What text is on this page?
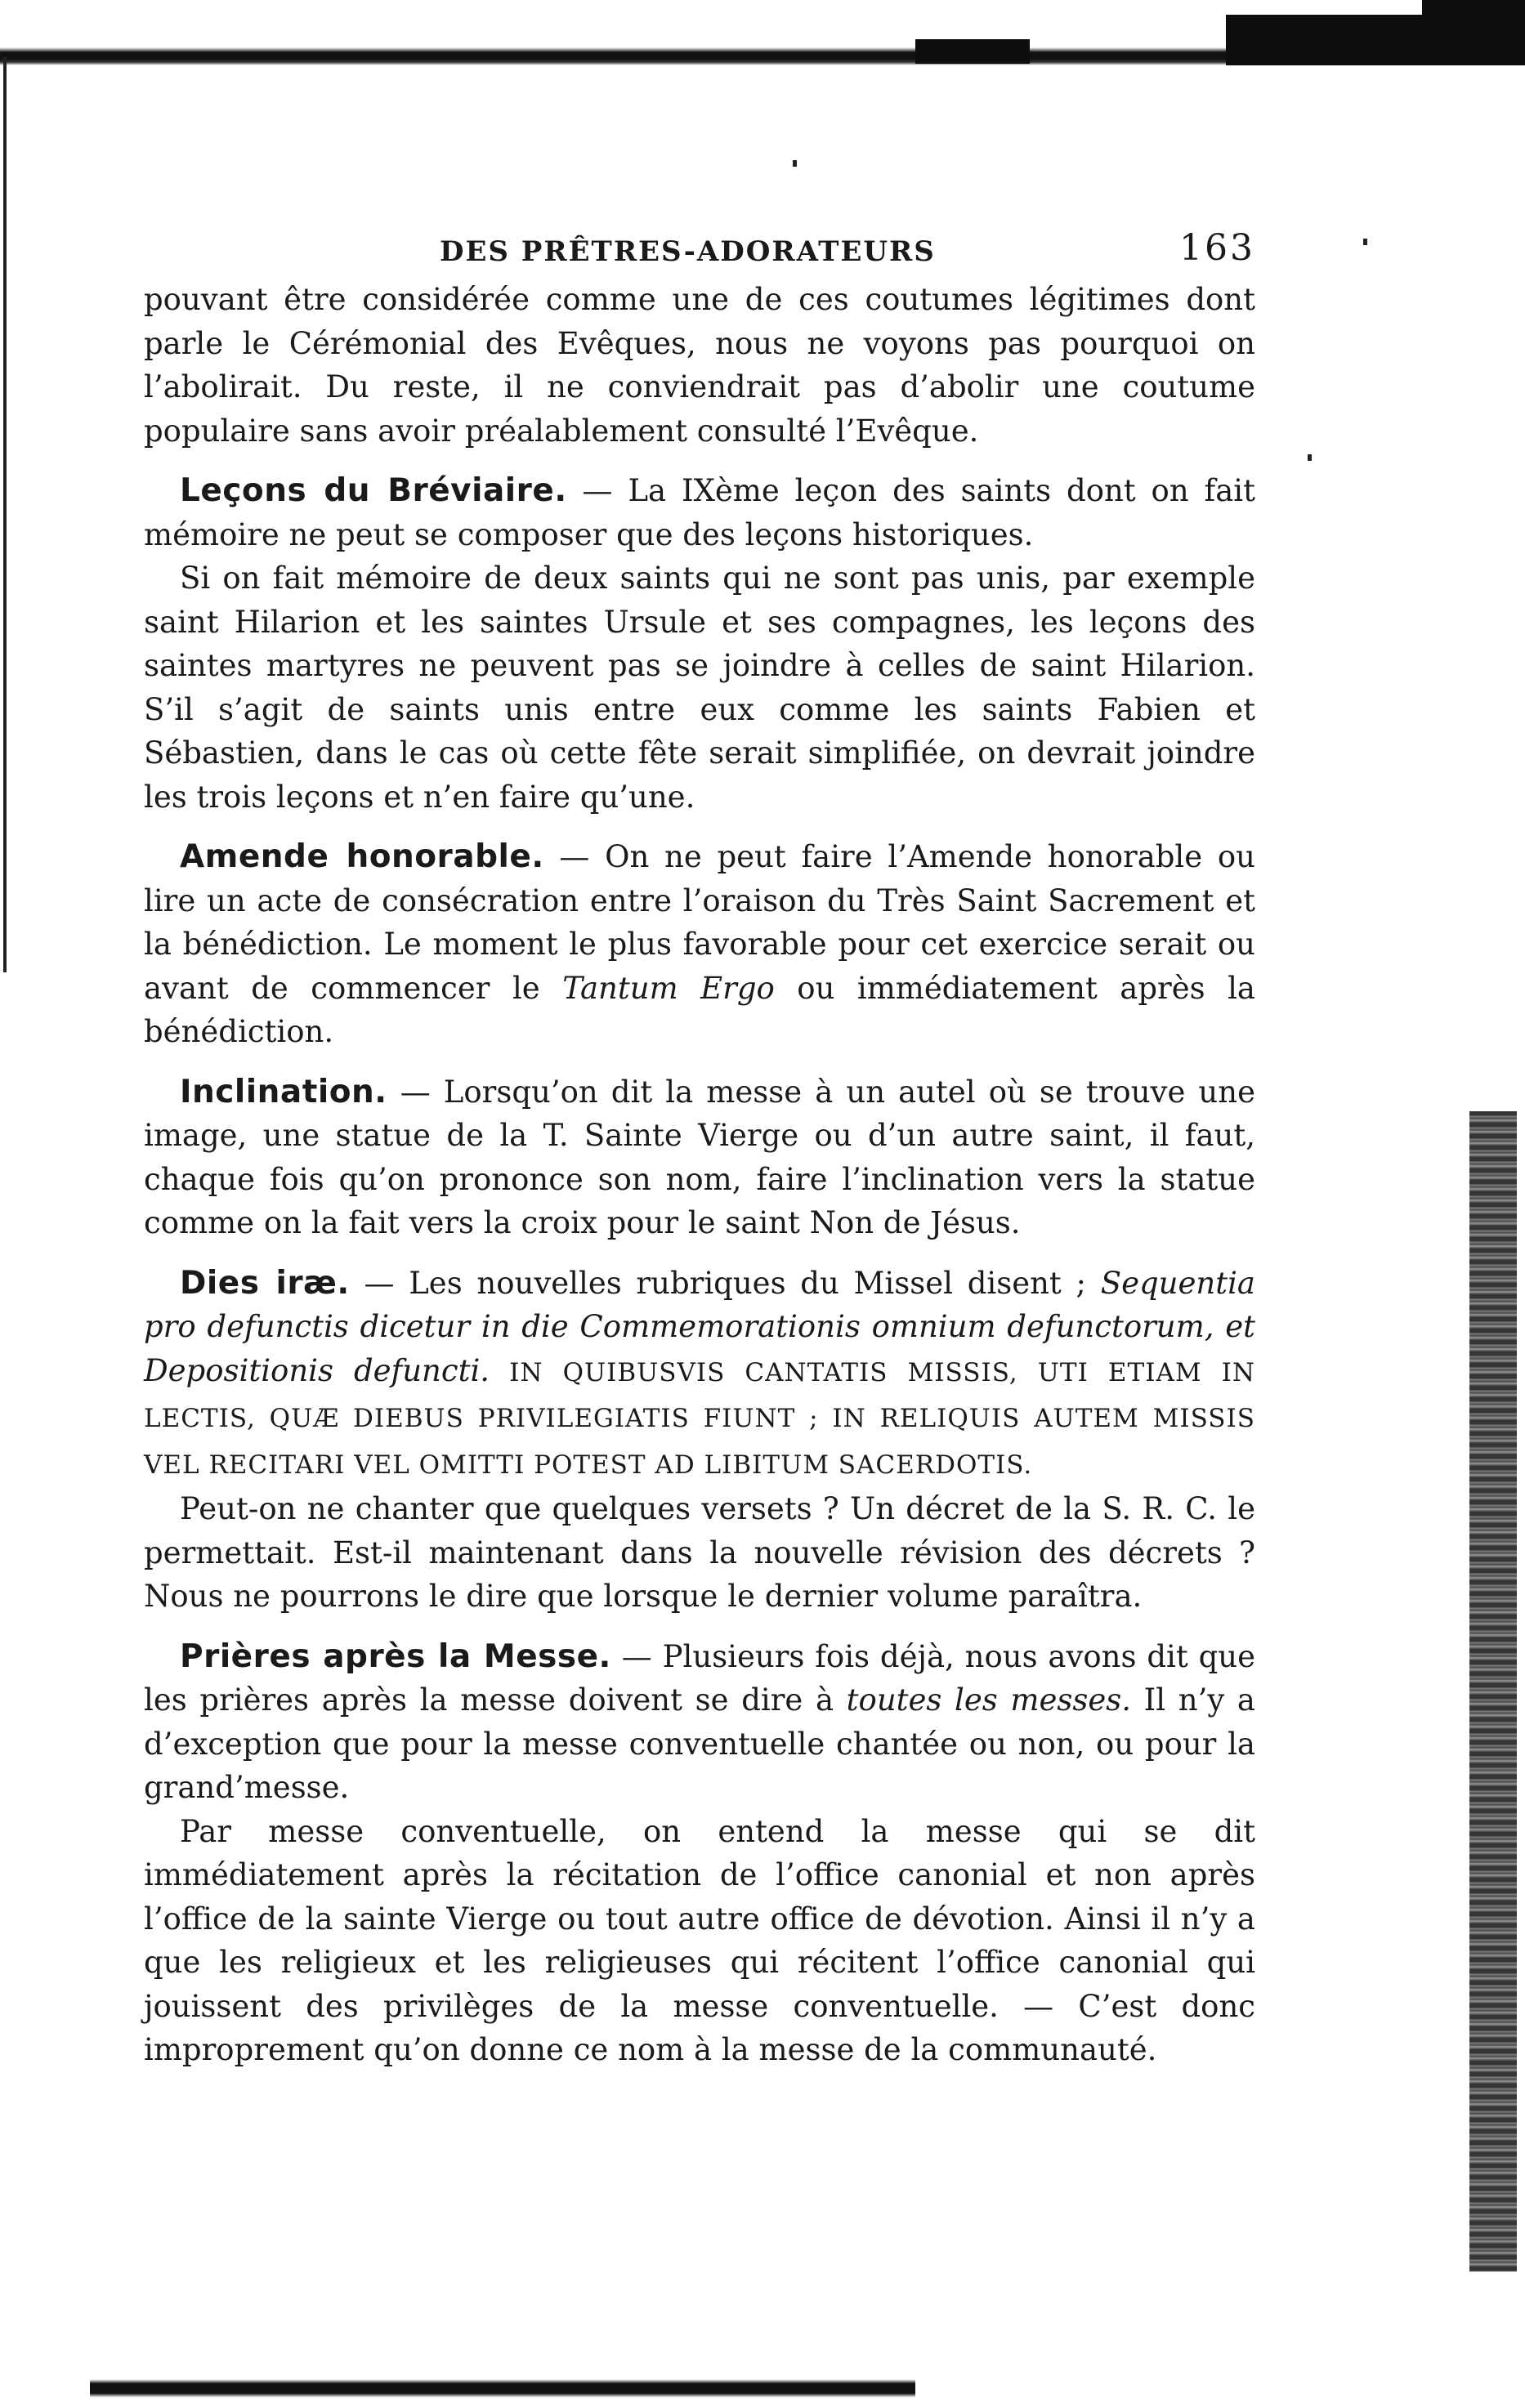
DES PRÊTRES-ADORATEURS	163

pouvant être considérée comme une de ces coutumes légitimes dont parle le Cérémonial des Evêques, nous ne voyons pas pourquoi on l’abolirait. Du reste, il ne conviendrait pas d’abolir une coutume populaire sans avoir préalablement consulté l’Evêque.

Leçons du Bréviaire. — La IXème leçon des saints dont on fait mémoire ne peut se composer que des leçons historiques.

Si on fait mémoire de deux saints qui ne sont pas unis, par exemple saint Hilarion et les saintes Ursule et ses compagnes, les leçons des saintes martyres ne peuvent pas se joindre à celles de saint Hilarion. S’il s’agit de saints unis entre eux comme les saints Fabien et Sébastien, dans le cas où cette fête serait simplifiée, on devrait joindre les trois leçons et n’en faire qu’une.

Amende honorable. — On ne peut faire l’Amende honorable ou lire un acte de consécration entre l’oraison du Très Saint Sacrement et la bénédiction. Le moment le plus favorable pour cet exercice serait ou avant de commencer le Tantum Ergo ou immédiatement après la bénédiction.

Inclination. — Lorsqu’on dit la messe à un autel où se trouve une image, une statue de la T. Sainte Vierge ou d’un autre saint, il faut, chaque fois qu’on prononce son nom, faire l’inclination vers la statue comme on la fait vers la croix pour le saint Non de Jésus.

Dies iræ. — Les nouvelles rubriques du Missel disent ; Sequentia pro defunctis dicetur in die Commemorationis omnium defunctorum, et Depositionis defuncti. IN QUIBUSVIS CANTATIS MISSIS, UTI ETIAM IN LECTIS, QUÆ DIEBUS PRIVILEGIATIS FIUNT ; IN RELIQUIS AUTEM MISSIS VEL RECITARI VEL OMITTI POTEST AD LIBITUM SACERDOTIS.

Peut-on ne chanter que quelques versets ? Un décret de la S. R. C. le permettait. Est-il maintenant dans la nouvelle révision des décrets ? Nous ne pourrons le dire que lorsque le dernier volume paraîtra.

Prières après la Messe. — Plusieurs fois déjà, nous avons dit que les prières après la messe doivent se dire à toutes les messes. Il n’y a d’exception que pour la messe conventuelle chantée ou non, ou pour la grand’messe.

Par messe conventuelle, on entend la messe qui se dit immédiatement après la récitation de l’office canonial et non après l’office de la sainte Vierge ou tout autre office de dévotion. Ainsi il n’y a que les religieux et les religieuses qui récitent l’office canonial qui jouissent des privilèges de la messe conventuelle. — C’est donc improprement qu’on donne ce nom à la messe de la communauté.
